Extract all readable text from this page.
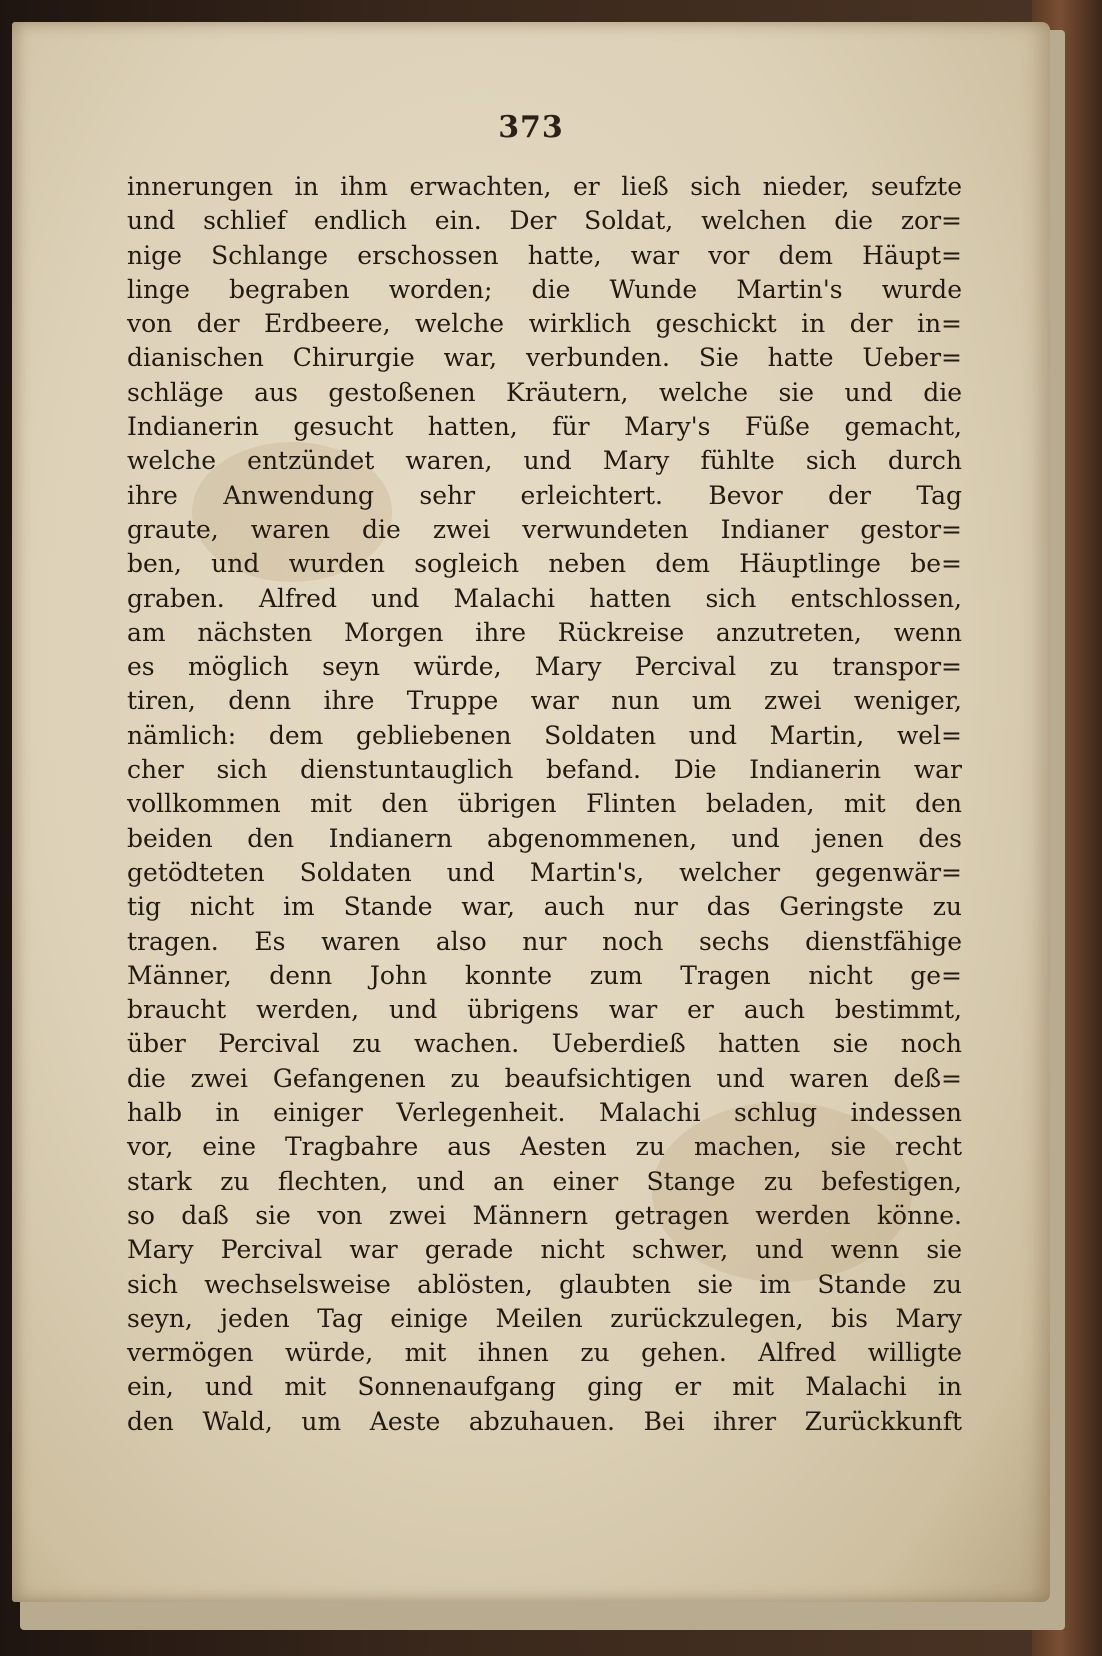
373
innerungen in ihm erwachten, er ließ sich nieder, seufzte
und schlief endlich ein. Der Soldat, welchen die zor=
nige Schlange erschossen hatte, war vor dem Häupt=
linge begraben worden; die Wunde Martin's wurde
von der Erdbeere, welche wirklich geschickt in der in=
dianischen Chirurgie war, verbunden. Sie hatte Ueber=
schläge aus gestoßenen Kräutern, welche sie und die
Indianerin gesucht hatten, für Mary's Füße gemacht,
welche entzündet waren, und Mary fühlte sich durch
ihre Anwendung sehr erleichtert. Bevor der Tag
graute, waren die zwei verwundeten Indianer gestor=
ben, und wurden sogleich neben dem Häuptlinge be=
graben. Alfred und Malachi hatten sich entschlossen,
am nächsten Morgen ihre Rückreise anzutreten, wenn
es möglich seyn würde, Mary Percival zu transpor=
tiren, denn ihre Truppe war nun um zwei weniger,
nämlich: dem gebliebenen Soldaten und Martin, wel=
cher sich dienstuntauglich befand. Die Indianerin war
vollkommen mit den übrigen Flinten beladen, mit den
beiden den Indianern abgenommenen, und jenen des
getödteten Soldaten und Martin's, welcher gegenwär=
tig nicht im Stande war, auch nur das Geringste zu
tragen. Es waren also nur noch sechs dienstfähige
Männer, denn John konnte zum Tragen nicht ge=
braucht werden, und übrigens war er auch bestimmt,
über Percival zu wachen. Ueberdieß hatten sie noch
die zwei Gefangenen zu beaufsichtigen und waren deß=
halb in einiger Verlegenheit. Malachi schlug indessen
vor, eine Tragbahre aus Aesten zu machen, sie recht
stark zu flechten, und an einer Stange zu befestigen,
so daß sie von zwei Männern getragen werden könne.
Mary Percival war gerade nicht schwer, und wenn sie
sich wechselsweise ablösten, glaubten sie im Stande zu
seyn, jeden Tag einige Meilen zurückzulegen, bis Mary
vermögen würde, mit ihnen zu gehen. Alfred willigte
ein, und mit Sonnenaufgang ging er mit Malachi in
den Wald, um Aeste abzuhauen. Bei ihrer Zurückkunft
